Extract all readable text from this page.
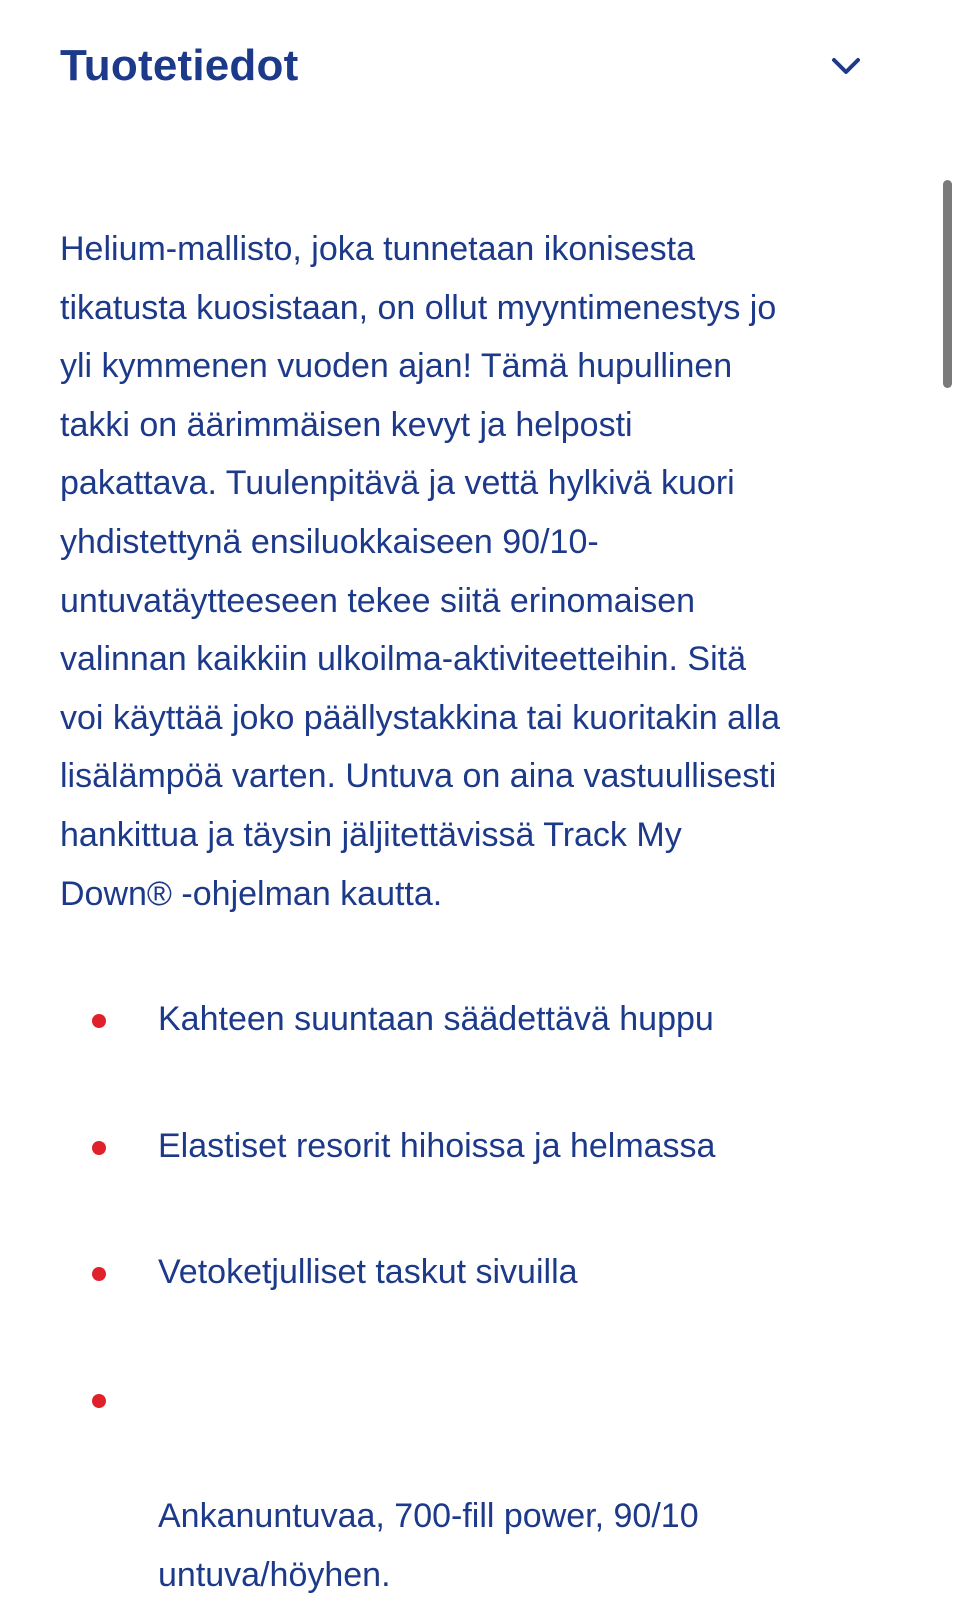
Tuotetiedot

Helium-mallisto, joka tunnetaan ikonisesta
tikatusta kuosistaan, on ollut myyntimenestys jo
yli kymmenen vuoden ajan! Tämä hupullinen
takki on äärimmäisen kevyt ja helposti
pakattava. Tuulenpitävä ja vettä hylkivä kuori
yhdistettynä ensiluokkaiseen 90/10-
untuvatäytteeseen tekee siitä erinomaisen
valinnan kaikkiin ulkoilma-aktiviteetteihin. Sitä
voi käyttää joko päällystakkina tai kuoritakin alla
lisälämpöä varten. Untuva on aina vastuullisesti
hankittua ja täysin jäljitettävissä Track My
Down® -ohjelman kautta.

Kahteen suuntaan säädettävä huppu
Elastiset resorit hihoissa ja helmassa
Vetoketjulliset taskut sivuilla

Ankanuntuvaa, 700-fill power, 90/10
untuva/höyhen.
